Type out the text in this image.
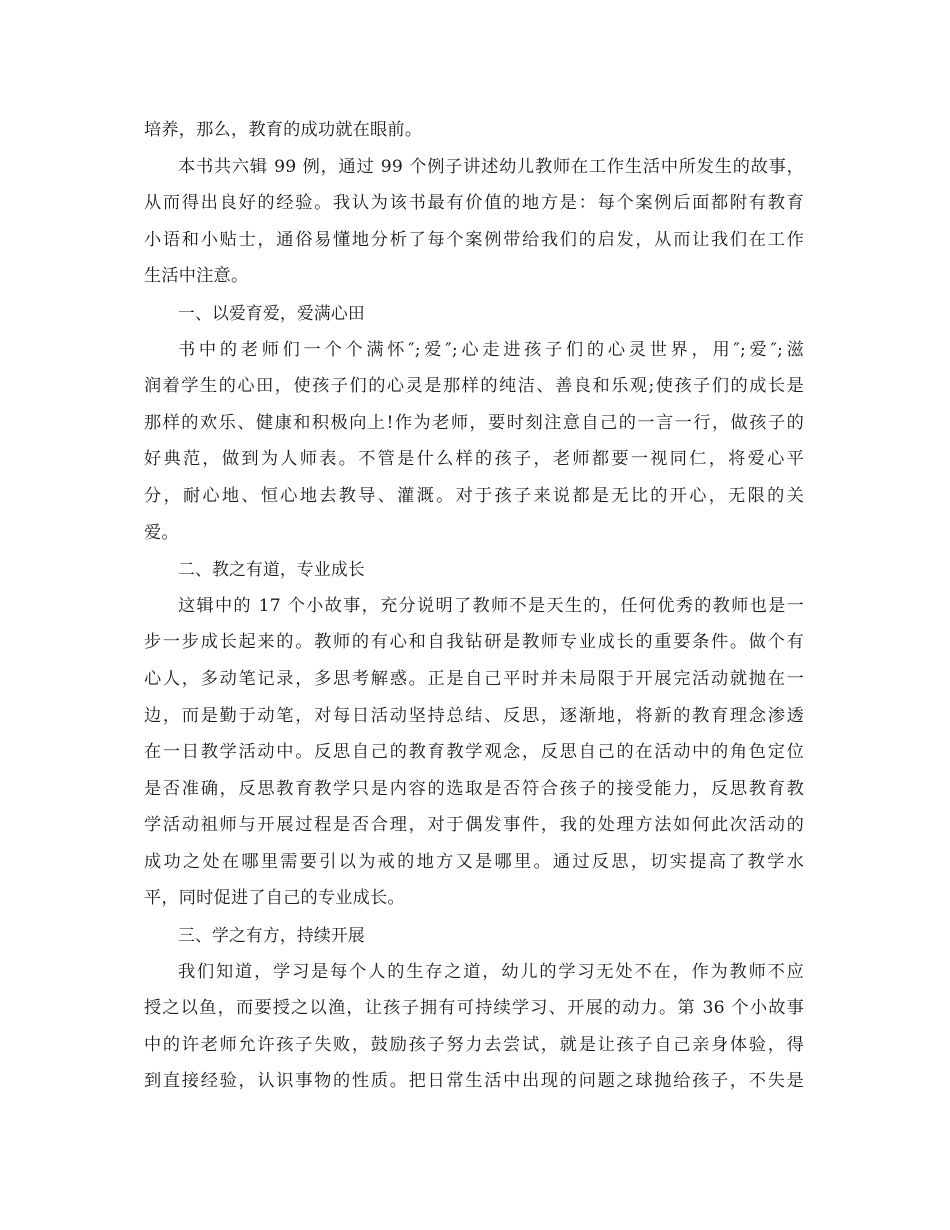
培养，那么，教育的成功就在眼前。
本书共六辑 99 例，通过 99 个例子讲述幼儿教师在工作生活中所发生的故事，
从而得出良好的经验。我认为该书最有价值的地方是：每个案例后面都附有教育
小语和小贴士，通俗易懂地分析了每个案例带给我们的启发，从而让我们在工作
生活中注意。
一、以爱育爱，爱满心田
书中的老师们一个个满怀″;爱″;心走进孩子们的心灵世界，用″;爱″;滋
润着学生的心田，使孩子们的心灵是那样的纯洁、善良和乐观;使孩子们的成长是
那样的欢乐、健康和积极向上!作为老师，要时刻注意自己的一言一行，做孩子的
好典范，做到为人师表。不管是什么样的孩子，老师都要一视同仁，将爱心平
分，耐心地、恒心地去教导、灌溉。对于孩子来说都是无比的开心，无限的关
爱。
二、教之有道，专业成长
这辑中的 17 个小故事，充分说明了教师不是天生的，任何优秀的教师也是一
步一步成长起来的。教师的有心和自我钻研是教师专业成长的重要条件。做个有
心人，多动笔记录，多思考解惑。正是自己平时并未局限于开展完活动就抛在一
边，而是勤于动笔，对每日活动坚持总结、反思，逐渐地，将新的教育理念渗透
在一日教学活动中。反思自己的教育教学观念，反思自己的在活动中的角色定位
是否准确，反思教育教学只是内容的选取是否符合孩子的接受能力，反思教育教
学活动祖师与开展过程是否合理，对于偶发事件，我的处理方法如何此次活动的
成功之处在哪里需要引以为戒的地方又是哪里。通过反思，切实提高了教学水
平，同时促进了自己的专业成长。
三、学之有方，持续开展
我们知道，学习是每个人的生存之道，幼儿的学习无处不在，作为教师不应
授之以鱼，而要授之以渔，让孩子拥有可持续学习、开展的动力。第 36 个小故事
中的许老师允许孩子失败，鼓励孩子努力去尝试，就是让孩子自己亲身体验，得
到直接经验，认识事物的性质。把日常生活中出现的问题之球抛给孩子，不失是
